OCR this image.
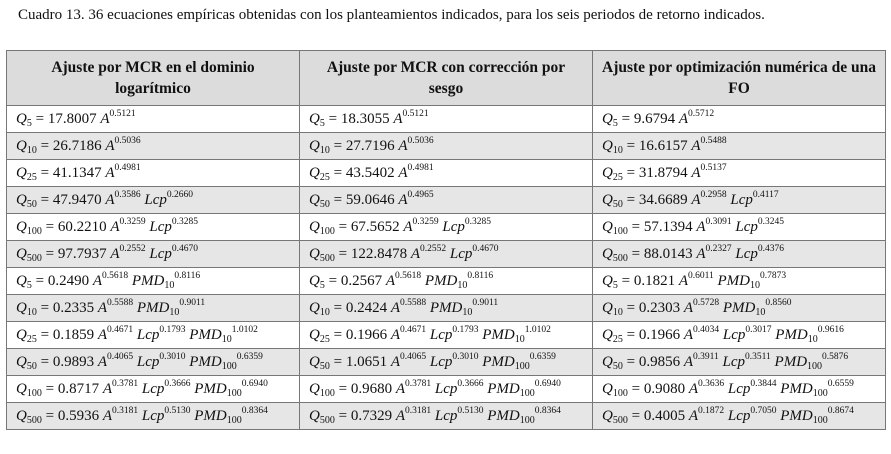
Cuadro 13. 36 ecuaciones empíricas obtenidas con los planteamientos indicados, para los seis periodos de retorno indicados.
Ajuste por MCR en el dominio logarítmico	Ajuste por MCR con corrección por sesgo	Ajuste por optimización numérica de una FO
$Q_5 = 17.8007$ $A^{0.5121}$	$Q_5 = 18.3055$ $A^{0.5121}$	$Q_5 = 9.6794$ $A^{0.5712}$
$Q_{10} = 26.7186$ $A^{0.5036}$	$Q_{10} = 27.7196$ $A^{0.5036}$	$Q_{10} = 16.6157$ $A^{0.5488}$
$Q_{25} = 41.1347$ $A^{0.4981}$	$Q_{25} = 43.5402$ $A^{0.4981}$	$Q_{25} = 31.8794$ $A^{0.5137}$
$Q_{50} = 47.9470$ $A^{0.3586}$ Lcp$^{0.2660}$	$Q_{50} = 59.0646$ $A^{0.4965}$	$Q_{50} = 34.6689$ $A^{0.2958}$ Lcp$^{0.4117}$
$Q_{100} = 60.2210$ $A^{0.3259}$ Lcp$^{0.3285}$	$Q_{100} = 67.5652$ $A^{0.3259}$ Lcp$^{0.3285}$	$Q_{100} = 57.1394$ $A^{0.3091}$ Lcp$^{0.3245}$
$Q_{500} = 97.7937$ $A^{0.2552}$ Lcp$^{0.4670}$	$Q_{500} = 122.8478$ $A^{0.2552}$ Lcp$^{0.4670}$	$Q_{500} = 88.0143$ $A^{0.2327}$ Lcp$^{0.4376}$
$Q_5 = 0.2490$ $A^{0.5618}$ $PMD_{10}^{0.8116}$	$Q_5 = 0.2567$ $A^{0.5618}$ $PMD_{10}^{0.8116}$	$Q_5 = 0.1821$ $A^{0.6011}$ $PMD_{10}^{0.7873}$
$Q_{10} = 0.2335$ $A^{0.5588}$ $PMD_{10}^{0.9011}$	$Q_{10} = 0.2424$ $A^{0.5588}$ $PMD_{10}^{0.9011}$	$Q_{10} = 0.2303$ $A^{0.5728}$ $PMD_{10}^{0.8560}$
$Q_{25} = 0.1859$ $A^{0.4671}$ Lcp$^{0.1793}$ $PMD_{10}^{1.0102}$	$Q_{25} = 0.1966$ $A^{0.4671}$ Lcp$^{0.1793}$ $PMD_{10}^{1.0102}$	$Q_{25} = 0.1966$ $A^{0.4034}$ Lcp$^{0.3017}$ $PMD_{10}^{0.9616}$
$Q_{50} = 0.9893$ $A^{0.4065}$ Lcp$^{0.3010}$ $PMD_{100}^{0.6359}$	$Q_{50} = 1.0651$ $A^{0.4065}$ Lcp$^{0.3010}$ $PMD_{100}^{0.6359}$	$Q_{50} = 0.9856$ $A^{0.3911}$ Lcp$^{0.3511}$ $PMD_{100}^{0.5876}$
$Q_{100} = 0.8717$ $A^{0.3781}$ Lcp$^{0.3666}$ $PMD_{100}^{0.6940}$	$Q_{100} = 0.9680$ $A^{0.3781}$ Lcp$^{0.3666}$ $PMD_{100}^{0.6940}$	$Q_{100} = 0.9080$ $A^{0.3636}$ Lcp$^{0.3844}$ $PMD_{100}^{0.6559}$
$Q_{500} = 0.5936$ $A^{0.3181}$ Lcp$^{0.5130}$ $PMD_{100}^{0.8364}$	$Q_{500} = 0.7329$ $A^{0.3181}$ Lcp$^{0.5130}$ $PMD_{100}^{0.8364}$	$Q_{500} = 0.4005$ $A^{0.1872}$ Lcp$^{0.7050}$ $PMD_{100}^{0.8674}$
